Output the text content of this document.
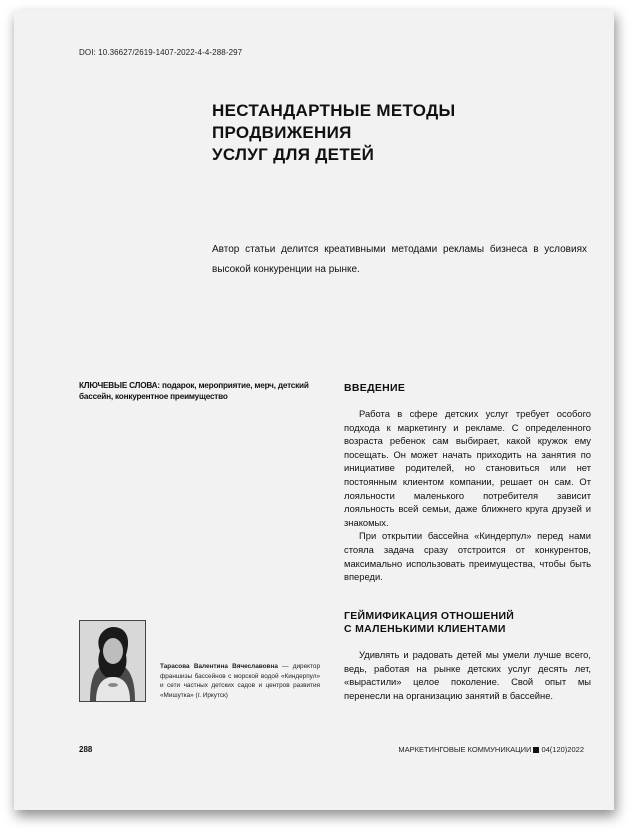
DOI: 10.36627/2619-1407-2022-4-4-288-297
НЕСТАНДАРТНЫЕ МЕТОДЫ ПРОДВИЖЕНИЯ
УСЛУГ ДЛЯ ДЕТЕЙ

Автор статьи делится креативными методами рекламы бизнеса в условиях высокой конкуренции на рынке.

КЛЮЧЕВЫЕ СЛОВА: подарок, мероприятие, мерч, детский бассейн, конкурентное преимущество
ВВЕДЕНИЕ

Работа в сфере детских услуг требует особого подхода к маркетингу и рекламе. С определенного возраста ребенок сам выбирает, какой кружок ему посещать. Он может начать приходить на занятия по инициативе родителей, но становиться или нет постоянным клиентом компании, решает он сам. От лояльности маленького потребителя зависит лояльность всей семьи, даже ближнего круга друзей и знакомых.

При открытии бассейна «Киндерпул» перед нами стояла задача сразу отстроится от конкурентов, максимально использовать преимущества, чтобы быть впереди.

ГЕЙМИФИКАЦИЯ ОТНОШЕНИЙ
С МАЛЕНЬКИМИ КЛИЕНТАМИ

Удивлять и радовать детей мы умели лучше всего, ведь, работая на рынке детских услуг десять лет, «вырастили» целое поколение. Свой опыт мы перенесли на организацию занятий в бассейне.

Тарасова Валентина Вячеславовна — директор франшизы бассейнов с морской водой «Киндерпул» и сети частных детских садов и центров развития «Мишутка» (г. Иркутск)

288	МАРКЕТИНГОВЫЕ КОММУНИКАЦИИ 04(120)2022
